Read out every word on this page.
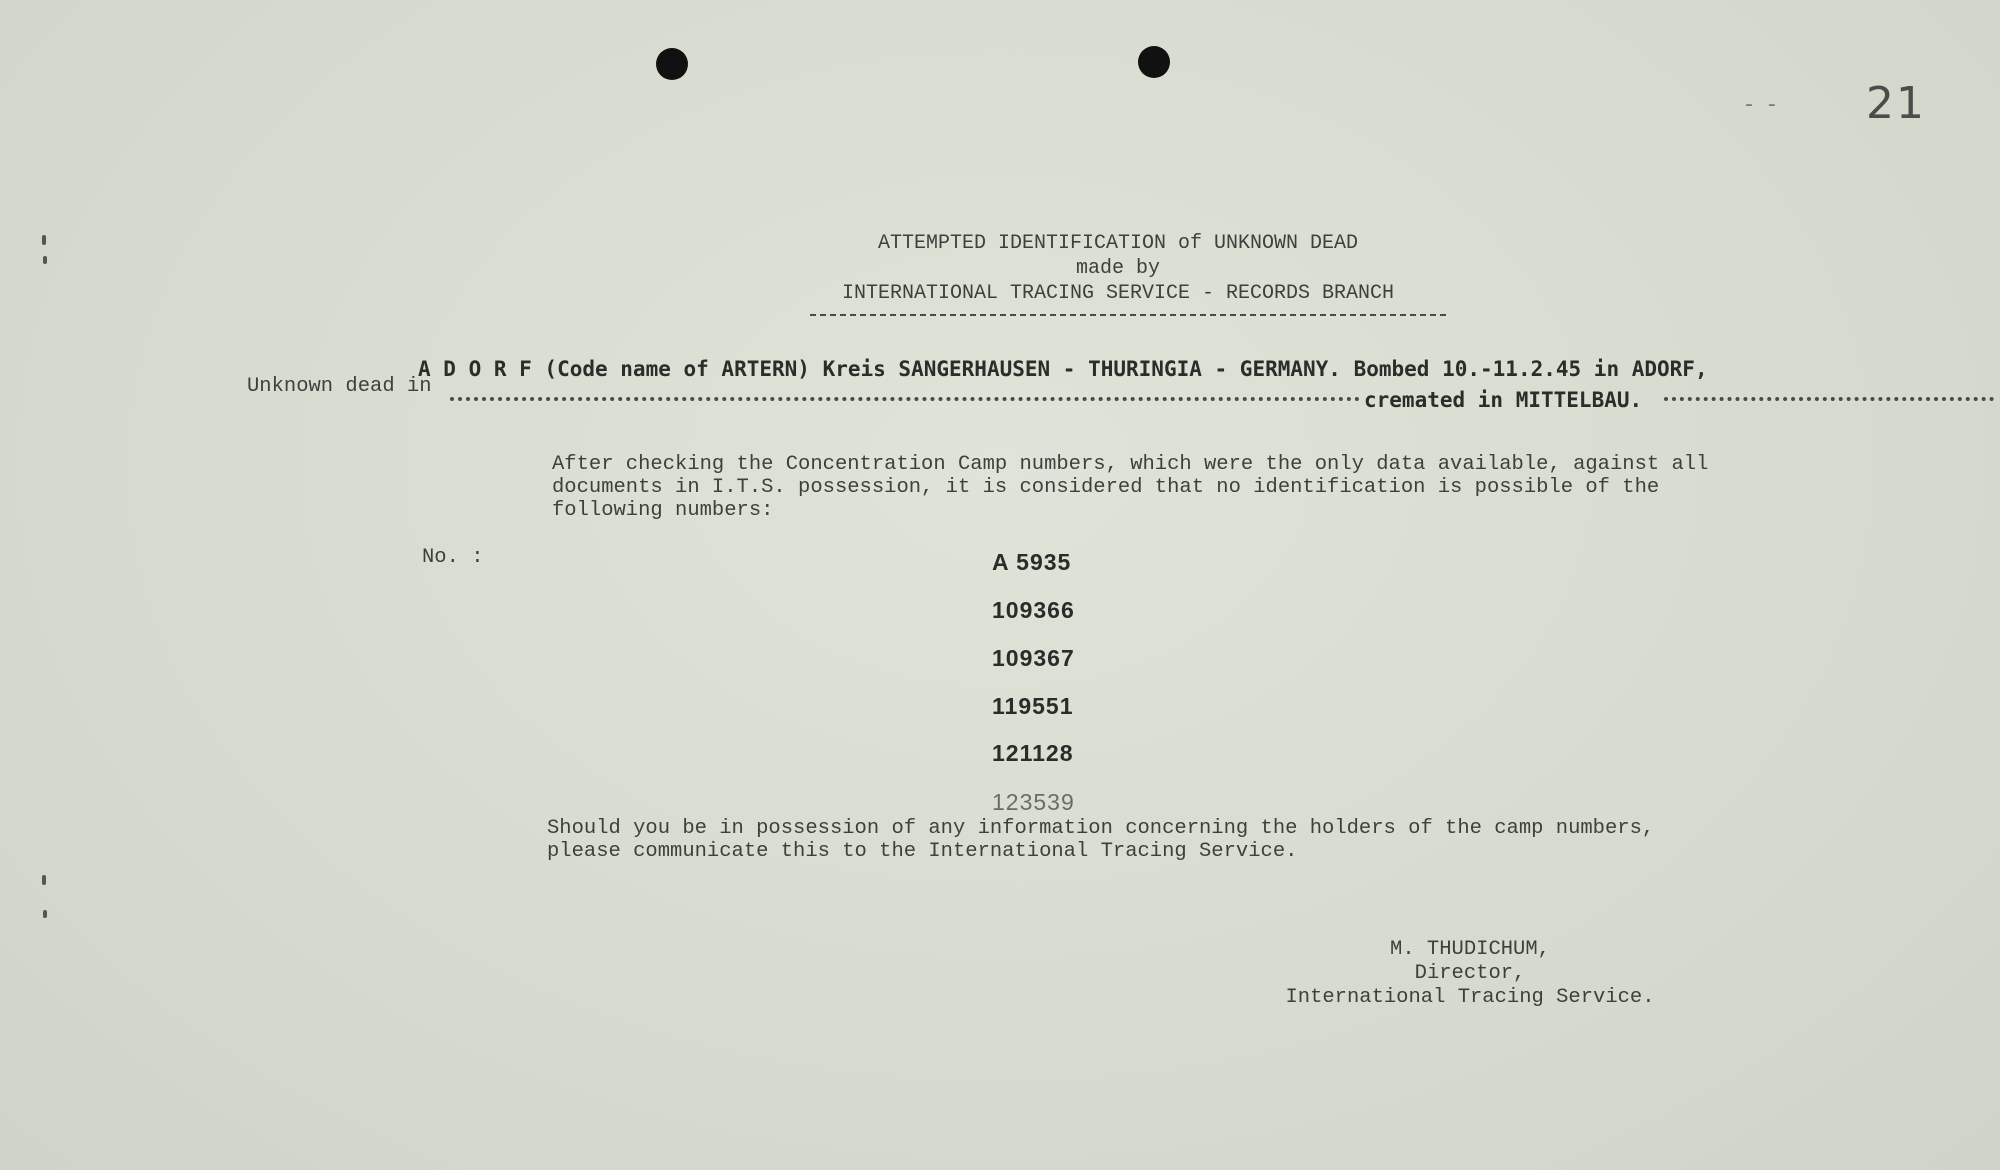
- - 21
ATTEMPTED IDENTIFICATION of UNKNOWN DEAD
made by
INTERNATIONAL TRACING SERVICE - RECORDS BRANCH
Unknown dead in
A D O R F (Code name of ARTERN) Kreis SANGERHAUSEN - THURINGIA - GERMANY. Bombed 10.-11.2.45 in ADORF,
cremated in MITTELBAU.
After checking the Concentration Camp numbers, which were the only data available, against all
documents in I.T.S. possession, it is considered that no identification is possible of the
following numbers:
No. :	A 5935
109366
109367
119551
121128
123539
Should you be in possession of any information concerning the holders of the camp numbers,
please communicate this to the International Tracing Service.
M. THUDICHUM,
Director,
International Tracing Service.
